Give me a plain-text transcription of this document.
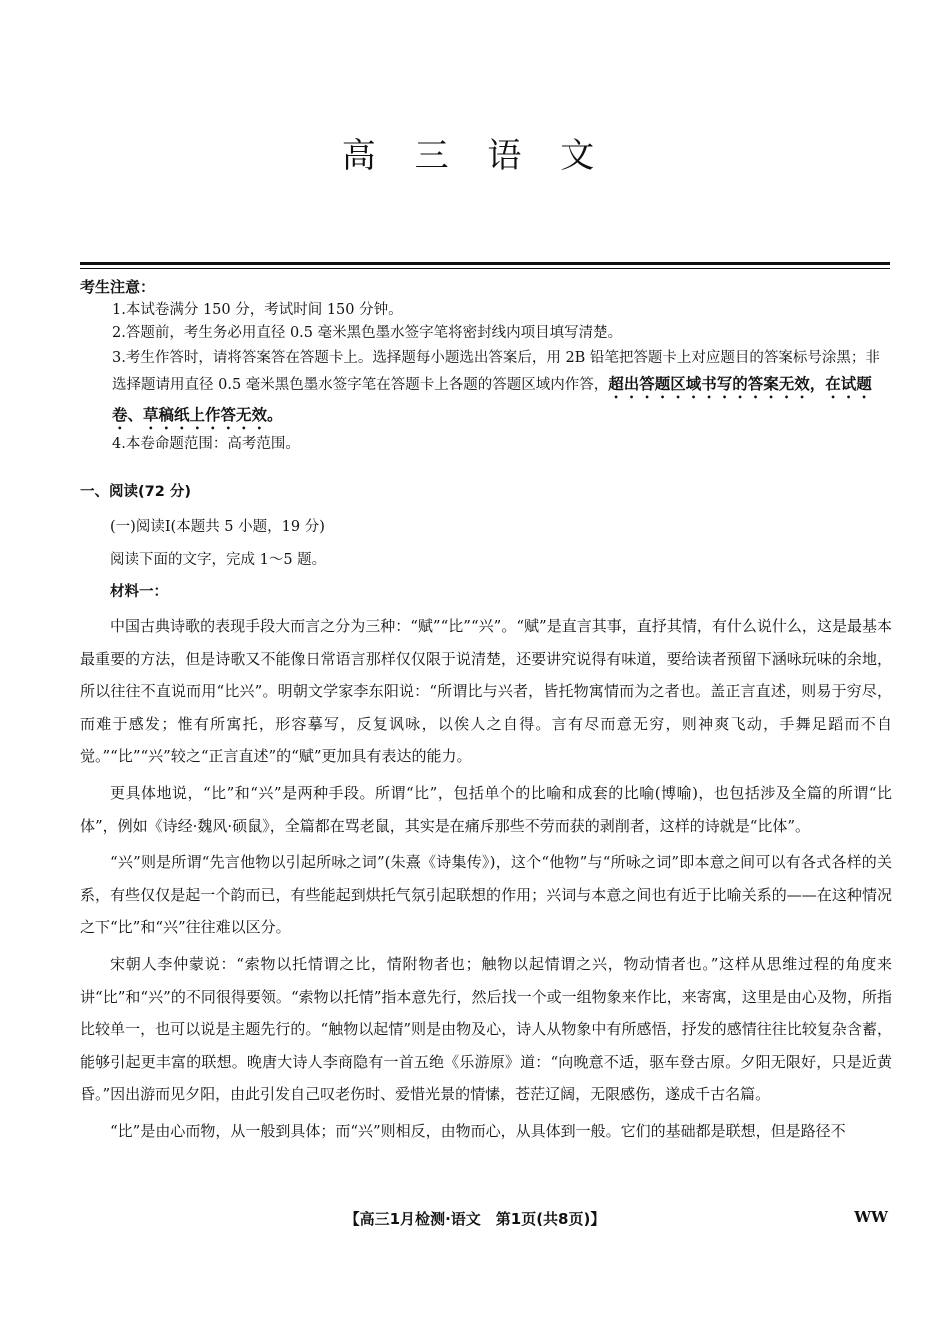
高 三 语 文
考生注意：
1.本试卷满分 150 分，考试时间 150 分钟。
2.答题前，考生务必用直径 0.5 毫米黑色墨水签字笔将密封线内项目填写清楚。
3.考生作答时，请将答案答在答题卡上。选择题每小题选出答案后，用 2B 铅笔把答题卡上对应题目的答案标号涂黑；非选择题请用直径 0.5 毫米黑色墨水签字笔在答题卡上各题的答题区域内作答，超出答题区域书写的答案无效，在试题卷、草稿纸上作答无效。
4.本卷命题范围：高考范围。
一、阅读(72 分)
(一)阅读Ⅰ(本题共 5 小题，19 分)
阅读下面的文字，完成 1～5 题。
材料一：

中国古典诗歌的表现手段大而言之分为三种：“赋”“比”“兴”。“赋”是直言其事，直抒其情，有什么说什么，这是最基本最重要的方法，但是诗歌又不能像日常语言那样仅仅限于说清楚，还要讲究说得有味道，要给读者预留下涵咏玩味的余地，所以往往不直说而用“比兴”。明朝文学家李东阳说：“所谓比与兴者，皆托物寓情而为之者也。盖正言直述，则易于穷尽，而难于感发；惟有所寓托，形容摹写，反复讽咏，以俟人之自得。言有尽而意无穷，则神爽飞动，手舞足蹈而不自觉。”“比”“兴”较之“正言直述”的“赋”更加具有表达的能力。

更具体地说，“比”和“兴”是两种手段。所谓“比”，包括单个的比喻和成套的比喻(博喻)，也包括涉及全篇的所谓“比体”，例如《诗经·魏风·硕鼠》，全篇都在骂老鼠，其实是在痛斥那些不劳而获的剥削者，这样的诗就是“比体”。

“兴”则是所谓“先言他物以引起所咏之词”(朱熹《诗集传》)，这个“他物”与“所咏之词”即本意之间可以有各式各样的关系，有些仅仅是起一个韵而已，有些能起到烘托气氛引起联想的作用；兴词与本意之间也有近于比喻关系的——在这种情况之下“比”和“兴”往往难以区分。

宋朝人李仲蒙说：“索物以托情谓之比，情附物者也；触物以起情谓之兴，物动情者也。”这样从思维过程的角度来讲“比”和“兴”的不同很得要领。“索物以托情”指本意先行，然后找一个或一组物象来作比，来寄寓，这里是由心及物，所指比较单一，也可以说是主题先行的。“触物以起情”则是由物及心，诗人从物象中有所感悟，抒发的感情往往比较复杂含蓄，能够引起更丰富的联想。晚唐大诗人李商隐有一首五绝《乐游原》道：“向晚意不适，驱车登古原。夕阳无限好，只是近黄昏。”因出游而见夕阳，由此引发自己叹老伤时、爱惜光景的情愫，苍茫辽阔，无限感伤，遂成千古名篇。

“比”是由心而物，从一般到具体；而“兴”则相反，由物而心，从具体到一般。它们的基础都是联想，但是路径不

【高三1月检测·语文　第1页(共8页)】	WW
